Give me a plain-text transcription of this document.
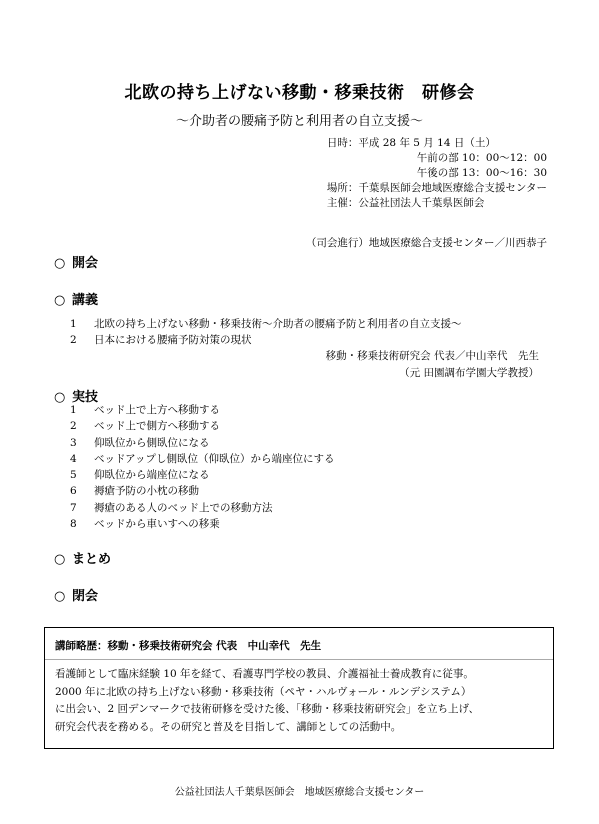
北欧の持ち上げない移動・移乗技術　研修会
～介助者の腰痛予防と利用者の自立支援～
日時：平成 28 年 5 月 14 日（土）
午前の部 10：00～12：00
午後の部 13：00～16：30
場所：千葉県医師会地域医療総合支援センター
主催：公益社団法人千葉県医師会
（司会進行）地域医療総合支援センター／川西恭子
○ 開会
○ 講義
1 北欧の持ち上げない移動・移乗技術～介助者の腰痛予防と利用者の自立支援～
2 日本における腰痛予防対策の現状
移動・移乗技術研究会 代表／中山幸代　先生
（元 田園調布学園大学教授）
○ 実技
1 ベッド上で上方へ移動する
2 ベッド上で側方へ移動する
3 仰臥位から側臥位になる
4 ベッドアップし側臥位（仰臥位）から端座位にする
5 仰臥位から端座位になる
6 褥瘡予防の小枕の移動
7 褥瘡のある人のベッド上での移動方法
8 ベッドから車いすへの移乗
○ まとめ
○ 閉会
講師略歴：移動・移乗技術研究会 代表　中山幸代　先生
看護師として臨床経験 10 年を経て、看護専門学校の教員、介護福祉士養成教育に従事。
2000 年に北欧の持ち上げない移動・移乗技術（ペヤ・ハルヴォール・ルンデシステム）
に出会い、2 回デンマークで技術研修を受けた後、「移動・移乗技術研究会」を立ち上げ、
研究会代表を務める。その研究と普及を目指して、講師としての活動中。
公益社団法人千葉県医師会　地域医療総合支援センター
